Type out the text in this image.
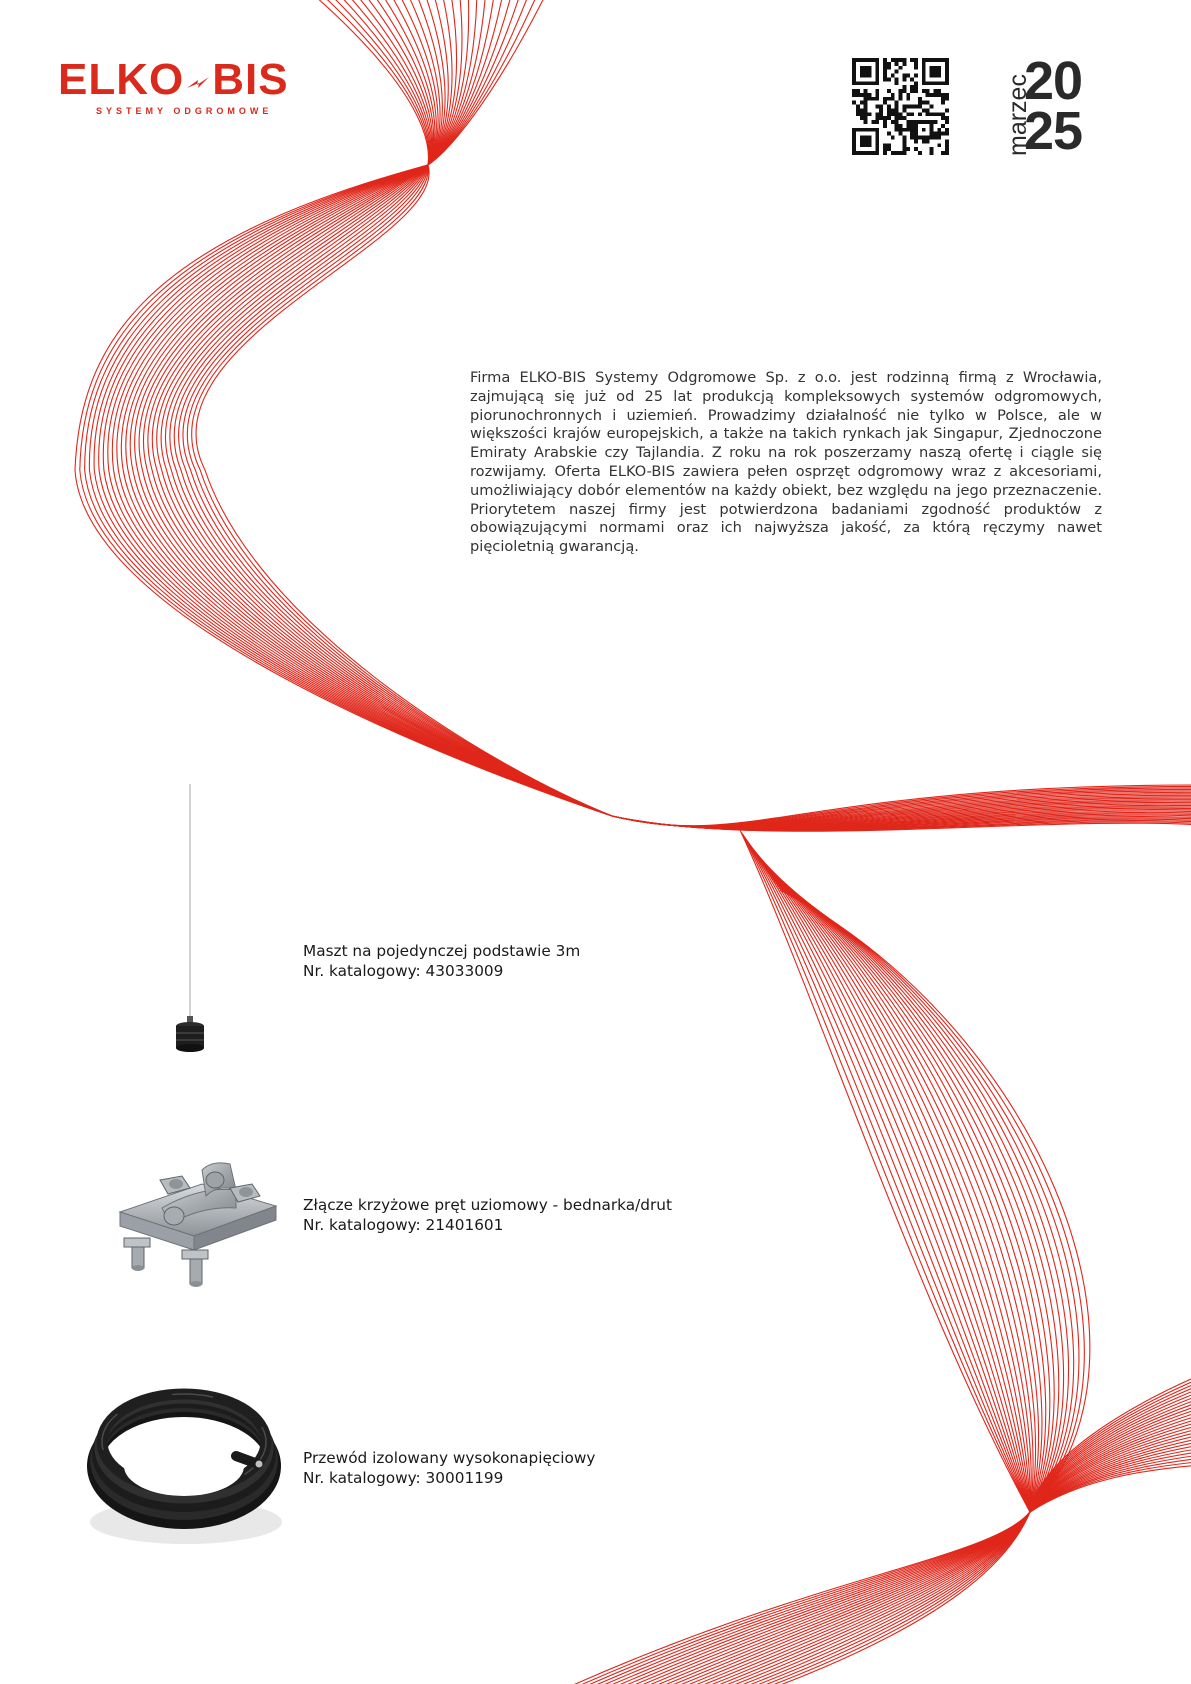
ELKO BIS
SYSTEMY ODGROMOWE	marzec
20
25
Firma ELKO-BIS Systemy Odgromowe Sp. z o.o. jest rodzinną firmą z Wrocławia, zajmującą się już od 25 lat produkcją kompleksowych systemów odgromowych, piorunochronnych i uziemień. Prowadzimy działalność nie tylko w Polsce, ale w większości krajów europejskich, a także na takich rynkach jak Singapur, Zjednoczone Emiraty Arabskie czy Tajlandia. Z roku na rok poszerzamy naszą ofertę i ciągle się rozwijamy. Oferta ELKO-BIS zawiera pełen osprzęt odgromowy wraz z akcesoriami, umożliwiający dobór elementów na każdy obiekt, bez względu na jego przeznaczenie. Priorytetem naszej firmy jest potwierdzona badaniami zgodność produktów z obowiązującymi normami oraz ich najwyższa jakość, za którą ręczymy nawet pięcioletnią gwarancją.
Maszt na pojedynczej podstawie 3m
Nr. katalogowy: 43033009
Złącze krzyżowe pręt uziomowy - bednarka/drut
Nr. katalogowy: 21401601
Przewód izolowany wysokonapięciowy
Nr. katalogowy: 30001199
